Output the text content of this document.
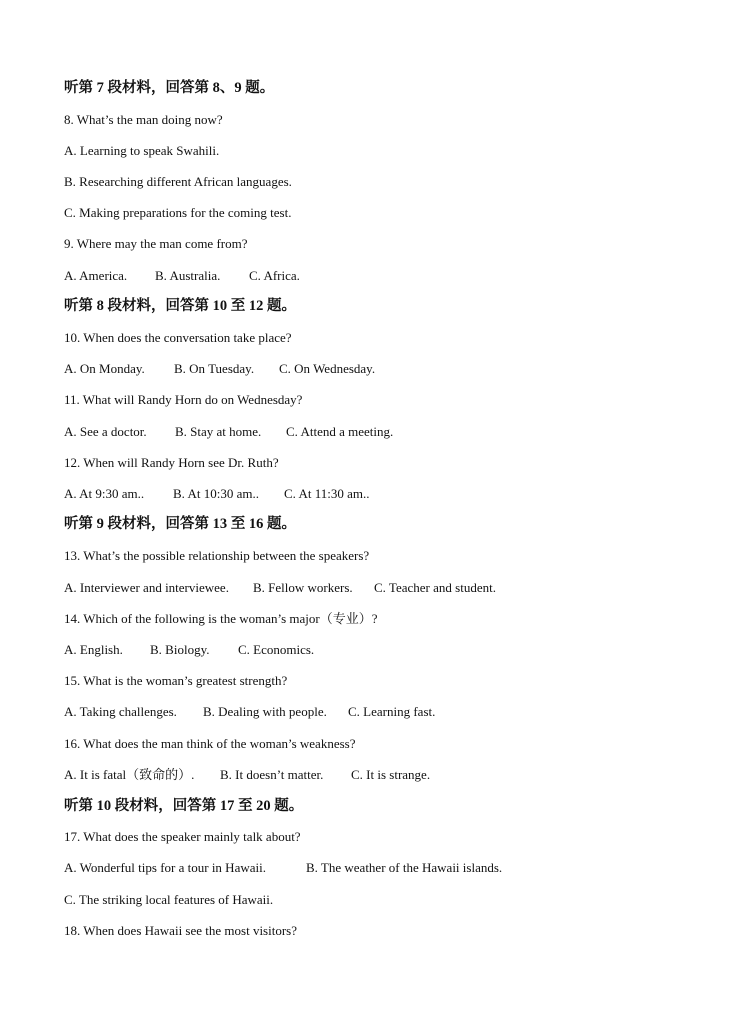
听第 7 段材料，回答第 8、9 题。
8. What’s the man doing now?
A. Learning to speak Swahili.
B. Researching different African languages.
C. Making preparations for the coming test.
9. Where may the man come from?
A. America. B. Australia. C. Africa.
听第 8 段材料，回答第 10 至 12 题。
10. When does the conversation take place?
A. On Monday. B. On Tuesday. C. On Wednesday.
11. What will Randy Horn do on Wednesday?
A. See a doctor. B. Stay at home. C. Attend a meeting.
12. When will Randy Horn see Dr. Ruth?
A. At 9:30 am.. B. At 10:30 am.. C. At 11:30 am..
听第 9 段材料，回答第 13 至 16 题。
13. What’s the possible relationship between the speakers?
A. Interviewer and interviewee. B. Fellow workers. C. Teacher and student.
14. Which of the following is the woman’s major（专业）?
A. English. B. Biology. C. Economics.
15. What is the woman’s greatest strength?
A. Taking challenges. B. Dealing with people. C. Learning fast.
16. What does the man think of the woman’s weakness?
A. It is fatal（致命的）. B. It doesn’t matter. C. It is strange.
听第 10 段材料，回答第 17 至 20 题。
17. What does the speaker mainly talk about?
A. Wonderful tips for a tour in Hawaii.	B. The weather of the Hawaii islands.
C. The striking local features of Hawaii.
18. When does Hawaii see the most visitors?
